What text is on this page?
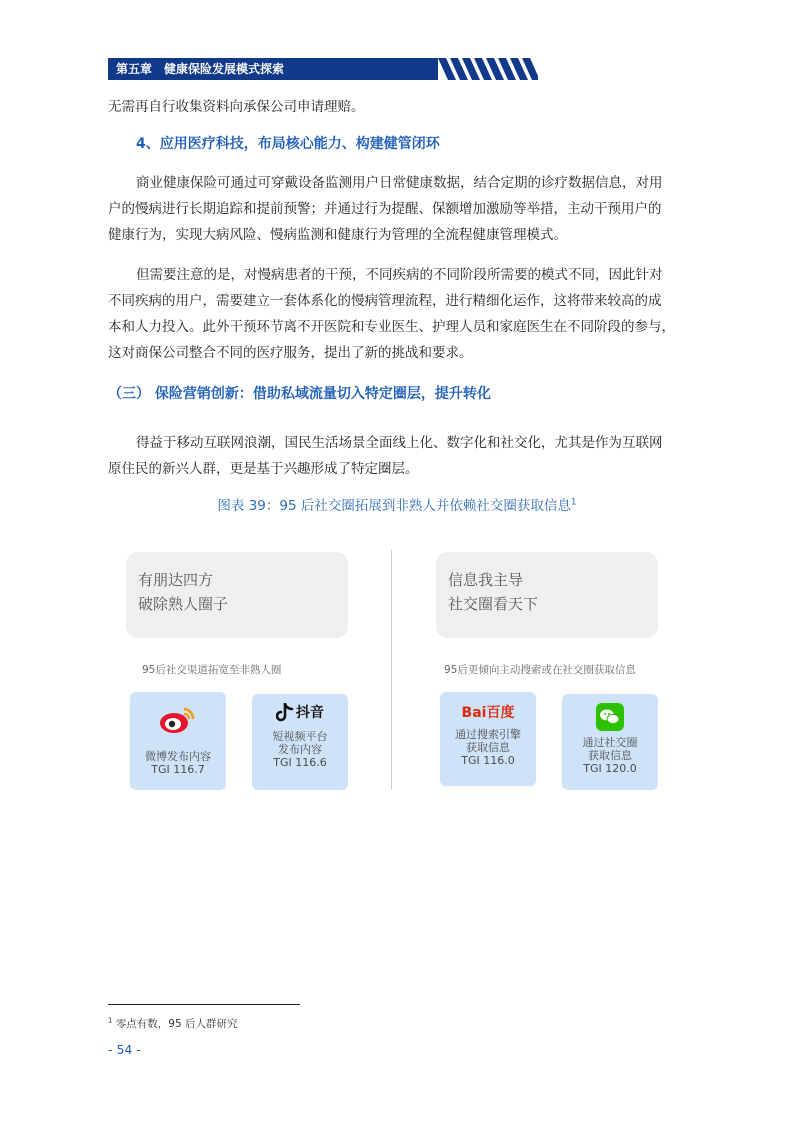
第五章　健康保险发展模式探索
无需再自行收集资料向承保公司申请理赔。
4、应用医疗科技，布局核心能力、构建健管闭环
商业健康保险可通过可穿戴设备监测用户日常健康数据，结合定期的诊疗数据信息，对用
户的慢病进行长期追踪和提前预警；并通过行为提醒、保额增加激励等举措，主动干预用户的
健康行为，实现大病风险、慢病监测和健康行为管理的全流程健康管理模式。
但需要注意的是，对慢病患者的干预，不同疾病的不同阶段所需要的模式不同，因此针对
不同疾病的用户，需要建立一套体系化的慢病管理流程，进行精细化运作，这将带来较高的成
本和人力投入。此外干预环节离不开医院和专业医生、护理人员和家庭医生在不同阶段的参与，
这对商保公司整合不同的医疗服务，提出了新的挑战和要求。
（三） 保险营销创新：借助私域流量切入特定圈层，提升转化
得益于移动互联网浪潮，国民生活场景全面线上化、数字化和社交化，尤其是作为互联网
原住民的新兴人群，更是基于兴趣形成了特定圈层。
图表 39：95 后社交圈拓展到非熟人并依赖社交圈获取信息$^1$
有朋达四方
破除熟人圈子
95后社交渠道拓宽至非熟人圈
微博发布内容
TGI 116.7
抖音
短视频平台
发布内容
TGI 116.6
信息我主导
社交圈看天下
95后更倾向主动搜索或在社交圈获取信息
Bai百度
通过搜索引擎
获取信息
TGI 116.0
通过社交圈
获取信息
TGI 120.0
$^1$ 零点有数，95 后人群研究
- 54 -
